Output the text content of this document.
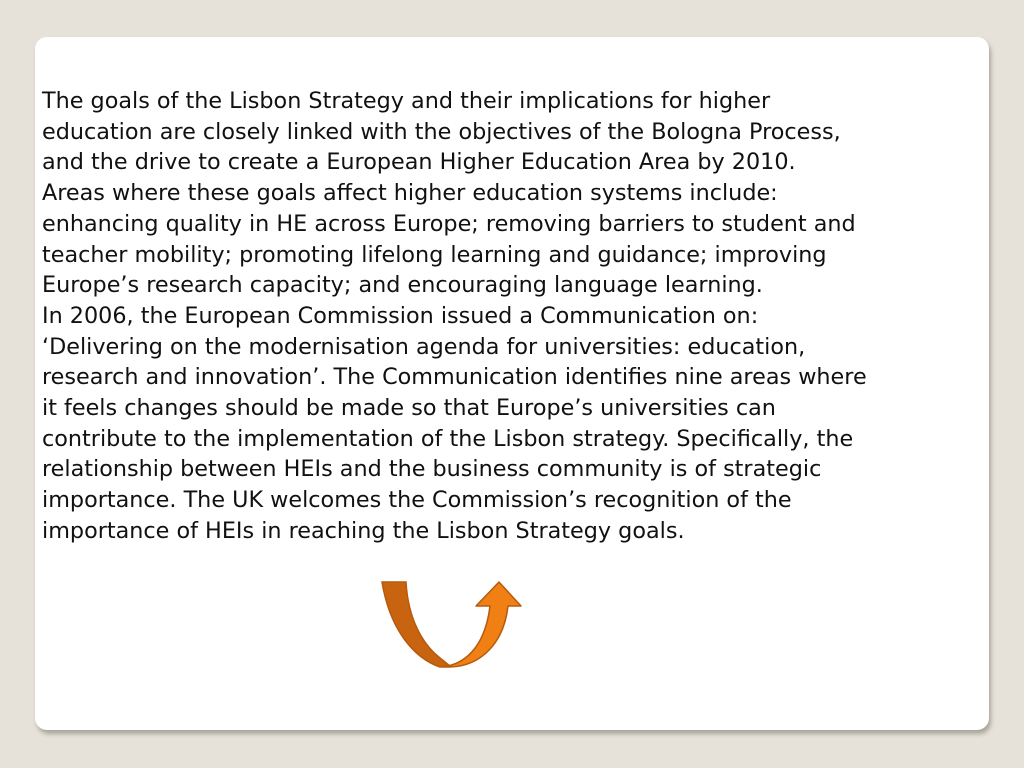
The goals of the Lisbon Strategy and their implications for higher
education are closely linked with the objectives of the Bologna Process,
and the drive to create a European Higher Education Area by 2010.
Areas where these goals affect higher education systems include:
enhancing quality in HE across Europe; removing barriers to student and
teacher mobility; promoting lifelong learning and guidance; improving
Europe’s research capacity; and encouraging language learning.
In 2006, the European Commission issued a Communication on:
‘Delivering on the modernisation agenda for universities: education,
research and innovation’. The Communication identifies nine areas where
it feels changes should be made so that Europe’s universities can
contribute to the implementation of the Lisbon strategy. Specifically, the
relationship between HEIs and the business community is of strategic
importance. The UK welcomes the Commission’s recognition of the
importance of HEIs in reaching the Lisbon Strategy goals.
